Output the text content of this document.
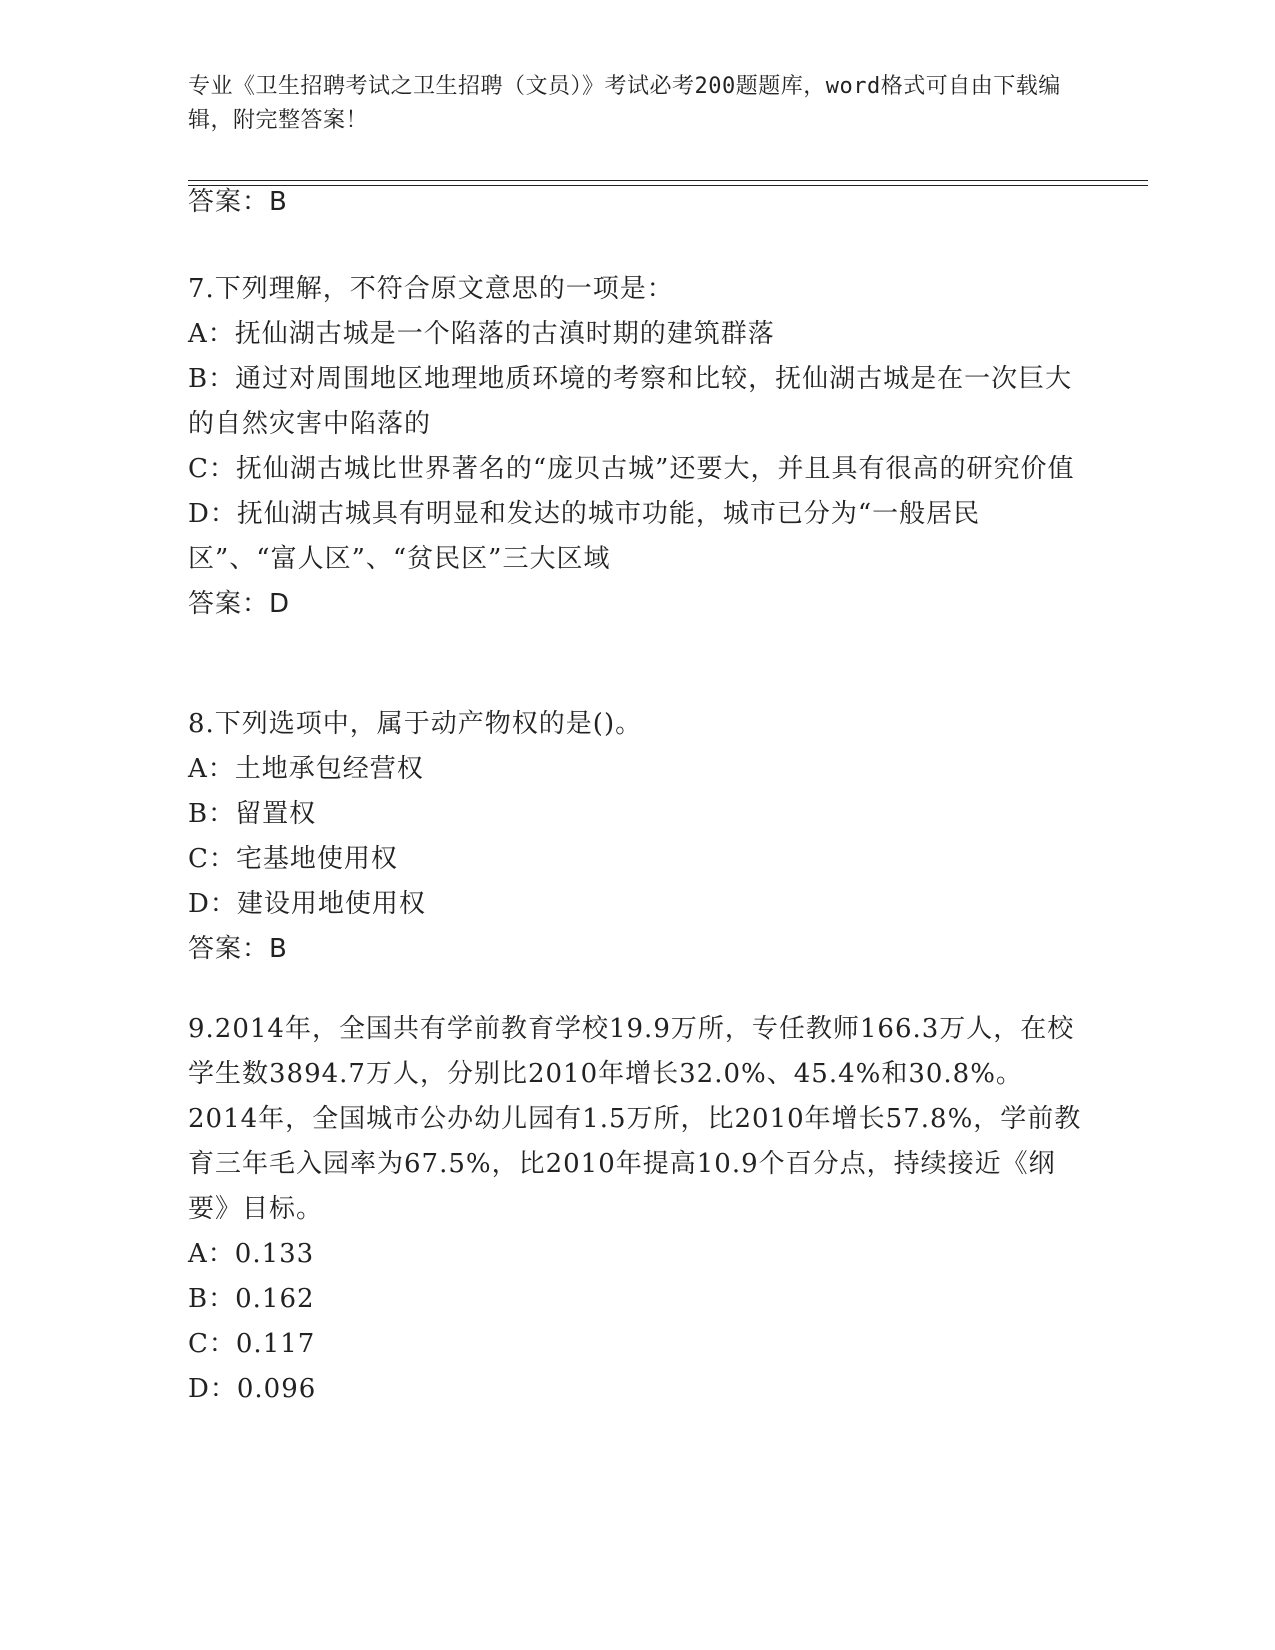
专业《卫生招聘考试之卫生招聘（文员）》考试必考200题题库，word格式可自由下载编辑，附完整答案！
答案：B
7.下列理解，不符合原文意思的一项是：
A：抚仙湖古城是一个陷落的古滇时期的建筑群落
B：通过对周围地区地理地质环境的考察和比较，抚仙湖古城是在一次巨大的自然灾害中陷落的
C：抚仙湖古城比世界著名的“庞贝古城”还要大，并且具有很高的研究价值
D：抚仙湖古城具有明显和发达的城市功能，城市已分为“一般居民区”、“富人区”、“贫民区”三大区域
答案：D
8.下列选项中，属于动产物权的是()。
A：土地承包经营权
B：留置权
C：宅基地使用权
D：建设用地使用权
答案：B
9.2014年，全国共有学前教育学校19.9万所，专任教师166.3万人，在校学生数3894.7万人，分别比2010年增长32.0%、45.4%和30.8%。2014年，全国城市公办幼儿园有1.5万所，比2010年增长57.8%，学前教育三年毛入园率为67.5%，比2010年提高10.9个百分点，持续接近《纲要》目标。
A：0.133
B：0.162
C：0.117
D：0.096
